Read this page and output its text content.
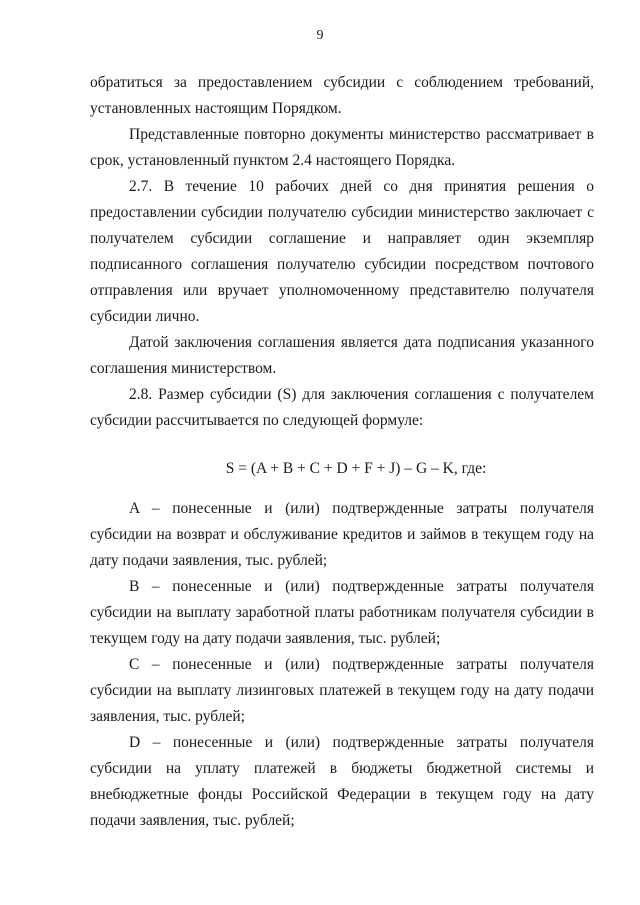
9

обратиться за предоставлением субсидии с соблюдением требований, установленных настоящим Порядком.

Представленные повторно документы министерство рассматривает в срок, установленный пунктом 2.4 настоящего Порядка.

2.7. В течение 10 рабочих дней со дня принятия решения о предоставлении субсидии получателю субсидии министерство заключает с получателем субсидии соглашение и направляет один экземпляр подписанного соглашения получателю субсидии посредством почтового отправления или вручает уполномоченному представителю получателя субсидии лично.

Датой заключения соглашения является дата подписания указанного соглашения министерством.

2.8. Размер субсидии (S) для заключения соглашения с получателем субсидии рассчитывается по следующей формуле:

S = (A + B + C + D + F + J) – G – K, где:

A – понесенные и (или) подтвержденные затраты получателя субсидии на возврат и обслуживание кредитов и займов в текущем году на дату подачи заявления, тыс. рублей;

B – понесенные и (или) подтвержденные затраты получателя субсидии на выплату заработной платы работникам получателя субсидии в текущем году на дату подачи заявления, тыс. рублей;

C – понесенные и (или) подтвержденные затраты получателя субсидии на выплату лизинговых платежей в текущем году на дату подачи заявления, тыс. рублей;

D – понесенные и (или) подтвержденные затраты получателя субсидии на уплату платежей в бюджеты бюджетной системы и внебюджетные фонды Российской Федерации в текущем году на дату подачи заявления, тыс. рублей;
